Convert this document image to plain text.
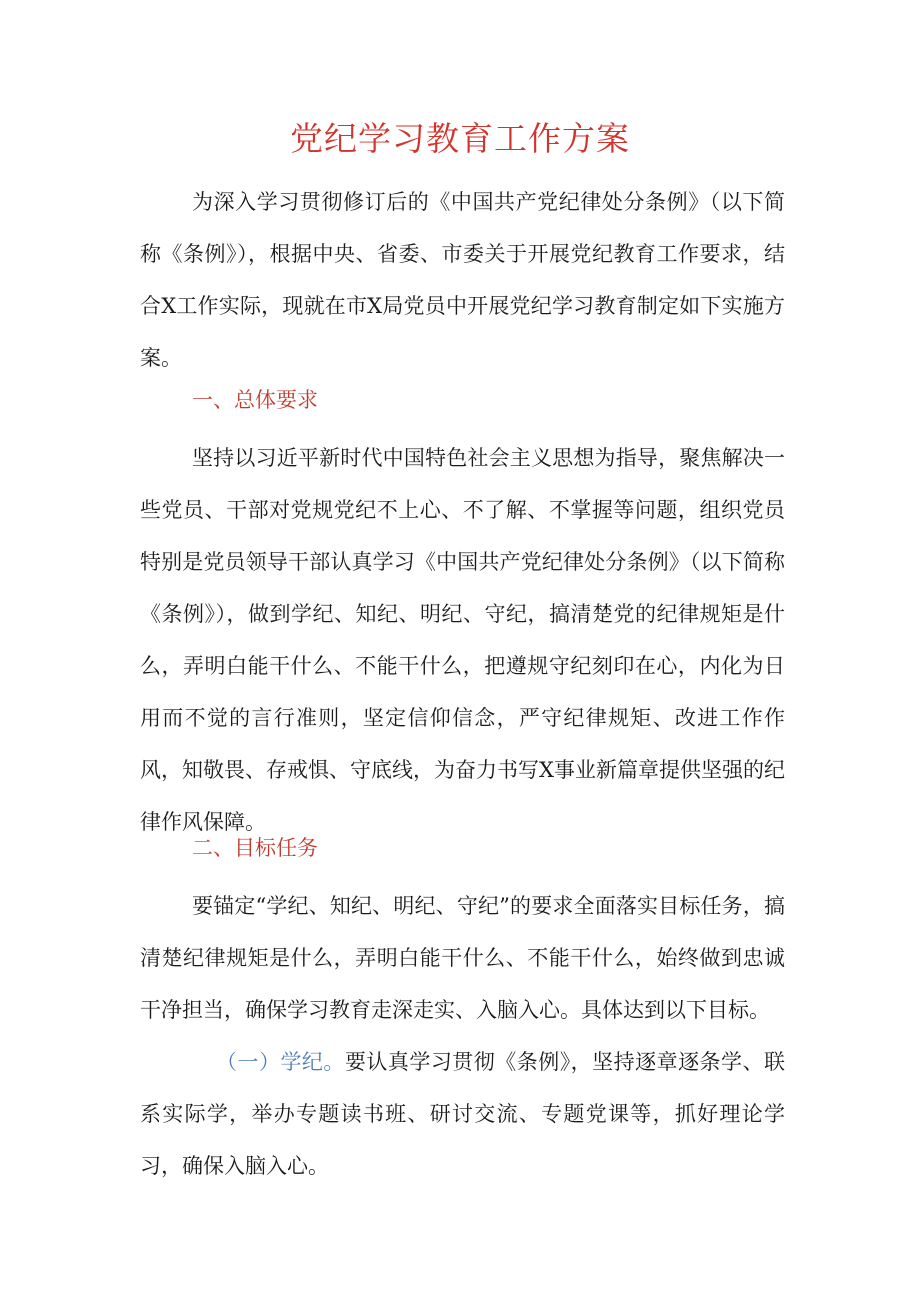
党纪学习教育工作方案

为深入学习贯彻修订后的《中国共产党纪律处分条例》（以下简称《条例》），根据中央、省委、市委关于开展党纪教育工作要求，结合X工作实际，现就在市X局党员中开展党纪学习教育制定如下实施方案。

一、总体要求

坚持以习近平新时代中国特色社会主义思想为指导，聚焦解决一些党员、干部对党规党纪不上心、不了解、不掌握等问题，组织党员特别是党员领导干部认真学习《中国共产党纪律处分条例》（以下简称《条例》），做到学纪、知纪、明纪、守纪，搞清楚党的纪律规矩是什么，弄明白能干什么、不能干什么，把遵规守纪刻印在心，内化为日用而不觉的言行准则，坚定信仰信念，严守纪律规矩、改进工作作风，知敬畏、存戒惧、守底线，为奋力书写X事业新篇章提供坚强的纪律作风保障。

二、目标任务

要锚定“学纪、知纪、明纪、守纪”的要求全面落实目标任务，搞清楚纪律规矩是什么，弄明白能干什么、不能干什么，始终做到忠诚干净担当，确保学习教育走深走实、入脑入心。具体达到以下目标。

（一）学纪。要认真学习贯彻《条例》，坚持逐章逐条学、联系实际学，举办专题读书班、研讨交流、专题党课等，抓好理论学习，确保入脑入心。
